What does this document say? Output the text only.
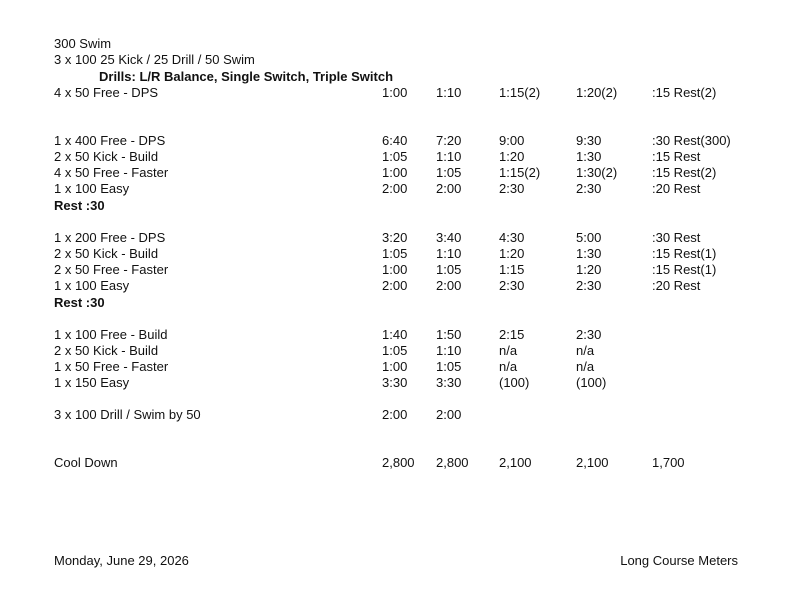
300 Swim
3 x 100 25 Kick / 25 Drill / 50 Swim
Drills: L/R Balance, Single Switch, Triple Switch
4 x 50 Free - DPS	1:00 1:10	1:15(2)	1:20(2)	:15 Rest(2)
1 x 400 Free - DPS	6:40 7:20	9:00	9:30	:30 Rest(300)
2 x 50 Kick - Build	1:05 1:10	1:20	1:30	:15 Rest
4 x 50 Free - Faster	1:00 1:05	1:15(2)	1:30(2)	:15 Rest(2)
1 x 100 Easy	2:00 2:00	2:30	2:30	:20 Rest
Rest :30
1 x 200 Free - DPS	3:20 3:40	4:30	5:00	:30 Rest
2 x 50 Kick - Build	1:05 1:10	1:20	1:30	:15 Rest(1)
2 x 50 Free - Faster	1:00 1:05	1:15	1:20	:15 Rest(1)
1 x 100 Easy	2:00 2:00	2:30	2:30	:20 Rest
Rest :30
1 x 100 Free - Build	1:40 1:50	2:15	2:30
2 x 50 Kick - Build	1:05 1:10	n/a	n/a
1 x 50 Free - Faster	1:00 1:05	n/a	n/a
1 x 150 Easy	3:30 3:30	(100)	(100)
3 x 100 Drill / Swim by 50	2:00 2:00
Cool Down	2,800 2,800 2,100	2,100	1,700
Monday, June 29, 2026	Long Course Meters
